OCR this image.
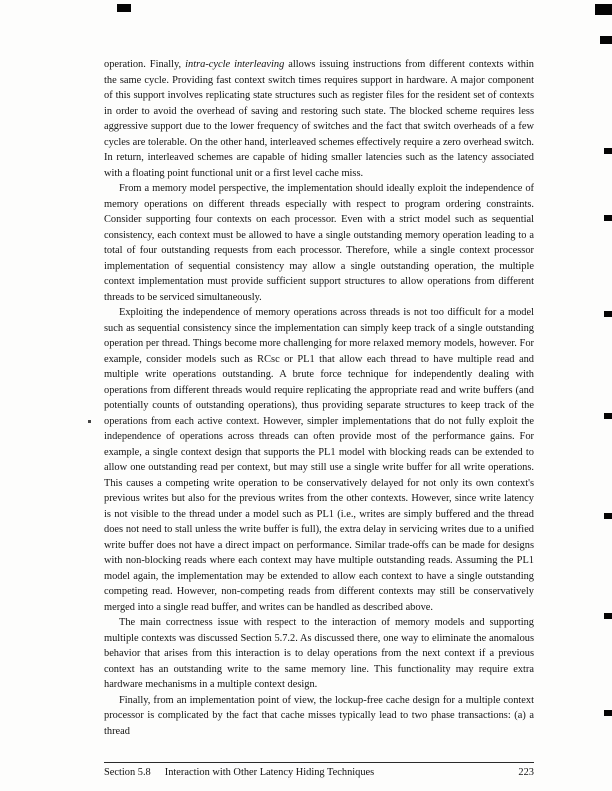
operation. Finally, intra-cycle interleaving allows issuing instructions from different contexts within the same cycle. Providing fast context switch times requires support in hardware. A major component of this support involves replicating state structures such as register files for the resident set of contexts in order to avoid the overhead of saving and restoring such state. The blocked scheme requires less aggressive support due to the lower frequency of switches and the fact that switch overheads of a few cycles are tolerable. On the other hand, interleaved schemes effectively require a zero overhead switch. In return, interleaved schemes are capable of hiding smaller latencies such as the latency associated with a floating point functional unit or a first level cache miss.

From a memory model perspective, the implementation should ideally exploit the independence of memory operations on different threads especially with respect to program ordering constraints. Consider supporting four contexts on each processor. Even with a strict model such as sequential consistency, each context must be allowed to have a single outstanding memory operation leading to a total of four outstanding requests from each processor. Therefore, while a single context processor implementation of sequential consistency may allow a single outstanding operation, the multiple context implementation must provide sufficient support structures to allow operations from different threads to be serviced simultaneously.

Exploiting the independence of memory operations across threads is not too difficult for a model such as sequential consistency since the implementation can simply keep track of a single outstanding operation per thread. Things become more challenging for more relaxed memory models, however. For example, consider models such as RCsc or PL1 that allow each thread to have multiple read and multiple write operations outstanding. A brute force technique for independently dealing with operations from different threads would require replicating the appropriate read and write buffers (and potentially counts of outstanding operations), thus providing separate structures to keep track of the operations from each active context. However, simpler implementations that do not fully exploit the independence of operations across threads can often provide most of the performance gains. For example, a single context design that supports the PL1 model with blocking reads can be extended to allow one outstanding read per context, but may still use a single write buffer for all write operations. This causes a competing write operation to be conservatively delayed for not only its own context's previous writes but also for the previous writes from the other contexts. However, since write latency is not visible to the thread under a model such as PL1 (i.e., writes are simply buffered and the thread does not need to stall unless the write buffer is full), the extra delay in servicing writes due to a unified write buffer does not have a direct impact on performance. Similar trade-offs can be made for designs with non-blocking reads where each context may have multiple outstanding reads. Assuming the PL1 model again, the implementation may be extended to allow each context to have a single outstanding competing read. However, non-competing reads from different contexts may still be conservatively merged into a single read buffer, and writes can be handled as described above.

The main correctness issue with respect to the interaction of memory models and supporting multiple contexts was discussed Section 5.7.2. As discussed there, one way to eliminate the anomalous behavior that arises from this interaction is to delay operations from the next context if a previous context has an outstanding write to the same memory line. This functionality may require extra hardware mechanisms in a multiple context design.

Finally, from an implementation point of view, the lockup-free cache design for a multiple context processor is complicated by the fact that cache misses typically lead to two phase transactions: (a) a thread

Section 5.8 Interaction with Other Latency Hiding Techniques	223
